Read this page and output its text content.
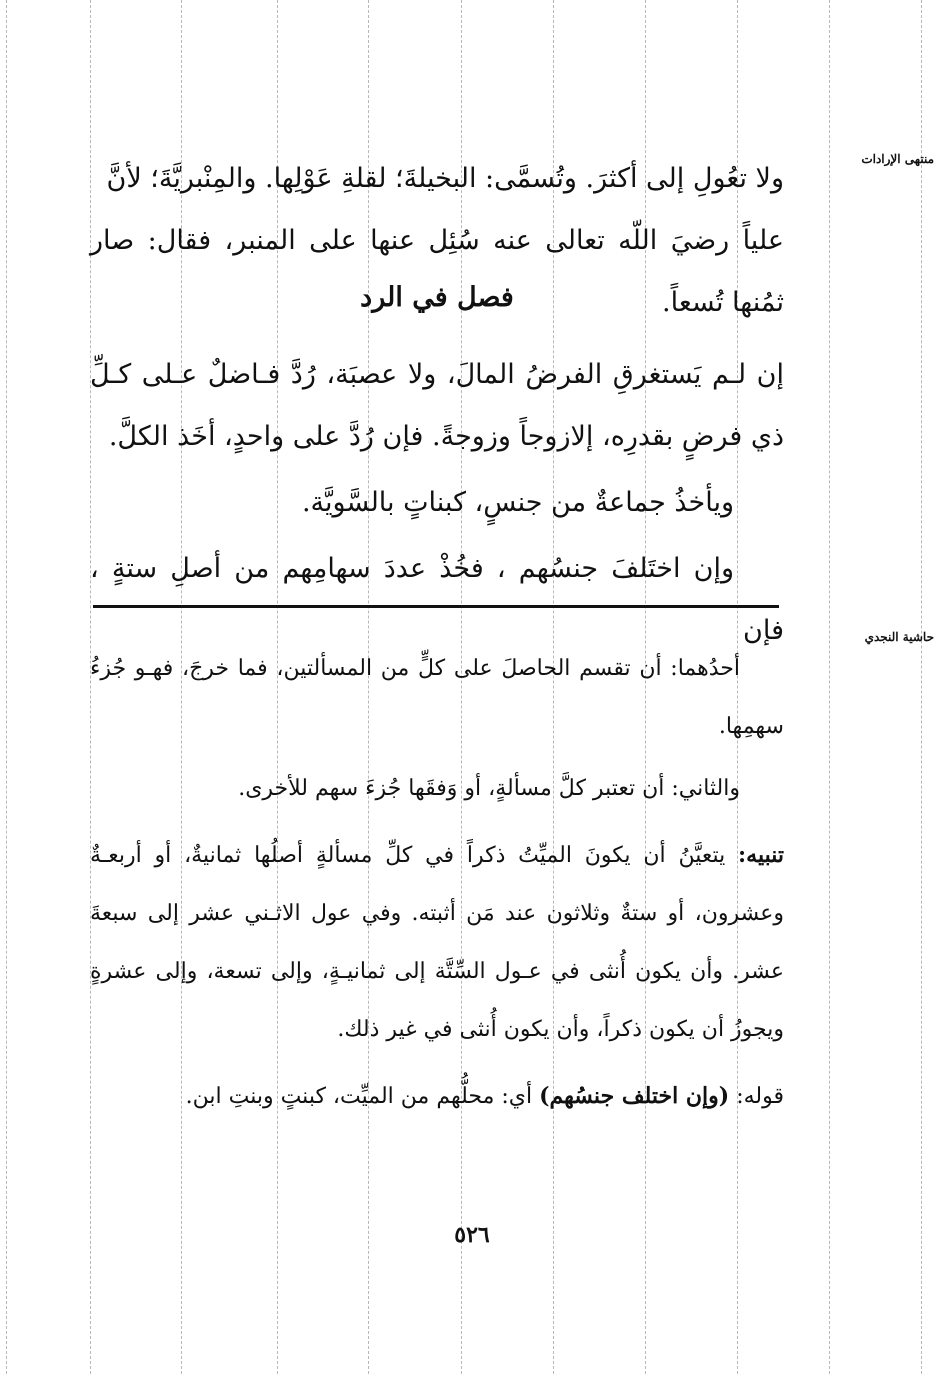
منتهى الإرادات
حاشية النجدي

ولا تعُولِ إلى أكثرَ. وتُسمَّى: البخيلةَ؛ لقلةِ عَوْلِها. والمِنْبريَّةَ؛ لأنَّ

علياً رضيَ اللّه تعالى عنه سُئِل عنها على المنبر، فقال: صار ثمُنها تُسعاً.

فصل في الرد

إن لـم يَستغرقِ الفرضُ المالَ، ولا عصبَة، رُدَّ فـاضلٌ عـلى كـلِّ ذي فرضٍ بقدرِه، إلازوجاً وزوجةً. فإن رُدَّ على واحدٍ، أخَذ الكلَّ.

ويأخذُ جماعةٌ من جنسٍ، كبناتٍ بالسَّويَّة.

وإن اختَلفَ جنسُهم ، فخُذْ عددَ سهامِهم من أصلِ ستةٍ ، فإن

أحدُهما: أن تقسم الحاصلَ على كلٍّ من المسألتين، فما خرجَ، فهـو جُزءُ سهمِها.

والثاني: أن تعتبر كلَّ مسألةٍ، أو وَفقَها جُزءَ سهم للأخرى.

تنبيه: يتعيَّنُ أن يكونَ الميِّتُ ذكراً في كلِّ مسألةٍ أصلُها ثمانيةٌ، أو أربعـةٌ وعشرون، أو ستةٌ وثلاثون عند مَن أثبته. وفي عول الاثـني عشر إلى سبعةَ عشر. وأن يكون أُنثى في عـول السِّتَّة إلى ثمانيـةٍ، وإلى تسعة، وإلى عشرةٍ ويجوزُ أن يكون ذكراً، وأن يكون أُنثى في غير ذلك.

قوله: (وإن اختلف جنسُهم) أي: محلُّهم من الميِّت، كبنتٍ وبنتِ ابن.

٥٢٦
